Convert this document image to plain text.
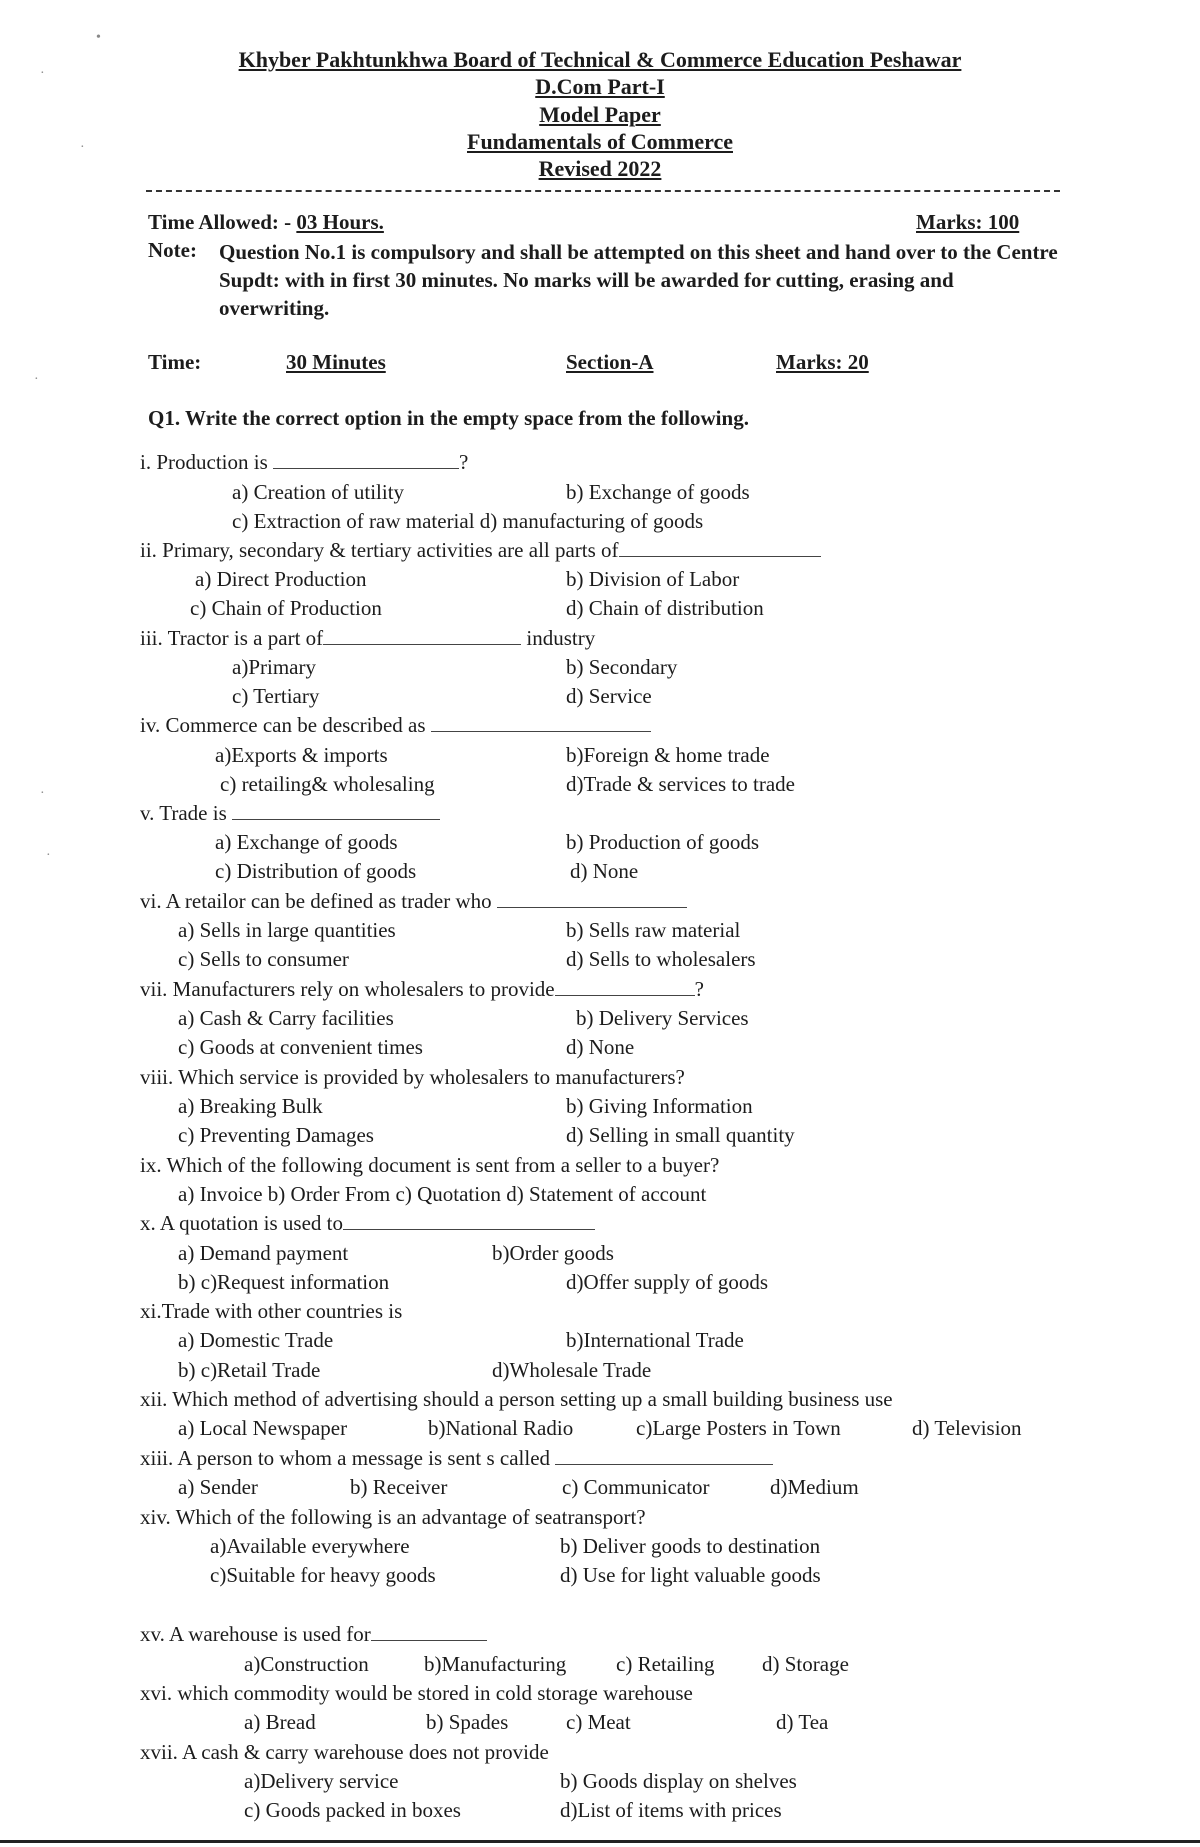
Khyber Pakhtunkhwa Board of Technical & Commerce Education Peshawar
D.Com Part-I
Model Paper
Fundamentals of Commerce
Revised 2022
Time Allowed: - 03 Hours.	Marks: 100
Note: Question No.1 is compulsory and shall be attempted on this sheet and hand over to the Centre Supdt: with in first 30 minutes. No marks will be awarded for cutting, erasing and overwriting.
Time:	30 Minutes	Section-A	Marks: 20
Q1. Write the correct option in the empty space from the following.
i. Production is	?
a) Creation of utility	b) Exchange of goods
c) Extraction of raw material d) manufacturing of goods
ii. Primary, secondary & tertiary activities are all parts of
a) Direct Production	b) Division of Labor
c) Chain of Production	d) Chain of distribution
iii. Tractor is a part of	industry
a)Primary	b) Secondary
c) Tertiary	d) Service
iv. Commerce can be described as
a)Exports & imports	b)Foreign & home trade
c) retailing& wholesaling	d)Trade & services to trade
v. Trade is
a) Exchange of goods	b) Production of goods
c) Distribution of goods	d) None
vi. A retailor can be defined as trader who
a) Sells in large quantities	b) Sells raw material
c) Sells to consumer	d) Sells to wholesalers
vii. Manufacturers rely on wholesalers to provide	?
a) Cash & Carry facilities	b) Delivery Services
c) Goods at convenient times	d) None
viii. Which service is provided by wholesalers to manufacturers?
a) Breaking Bulk	b) Giving Information
c) Preventing Damages	d) Selling in small quantity
ix. Which of the following document is sent from a seller to a buyer?
a) Invoice b) Order From c) Quotation d) Statement of account
x. A quotation is used to
a) Demand payment	b)Order goods
b) c)Request information	d)Offer supply of goods
xi.Trade with other countries is
a) Domestic Trade	b)International Trade
b) c)Retail Trade	d)Wholesale Trade
xii. Which method of advertising should a person setting up a small building business use
a) Local Newspaper	b)National Radio	c)Large Posters in Town	d) Television
xiii. A person to whom a message is sent s called
a) Sender	b) Receiver	c) Communicator	d)Medium
xiv. Which of the following is an advantage of seatransport?
a)Available everywhere	b) Deliver goods to destination
c)Suitable for heavy goods	d) Use for light valuable goods
xv. A warehouse is used for
a)Construction	b)Manufacturing c) Retailing d) Storage
xvi. which commodity would be stored in cold storage warehouse
a) Bread	b) Spades	c) Meat	d) Tea
xvii. A cash & carry warehouse does not provide
a)Delivery service	b) Goods display on shelves
c) Goods packed in boxes	d)List of items with prices
•
·
·
·
·
·
